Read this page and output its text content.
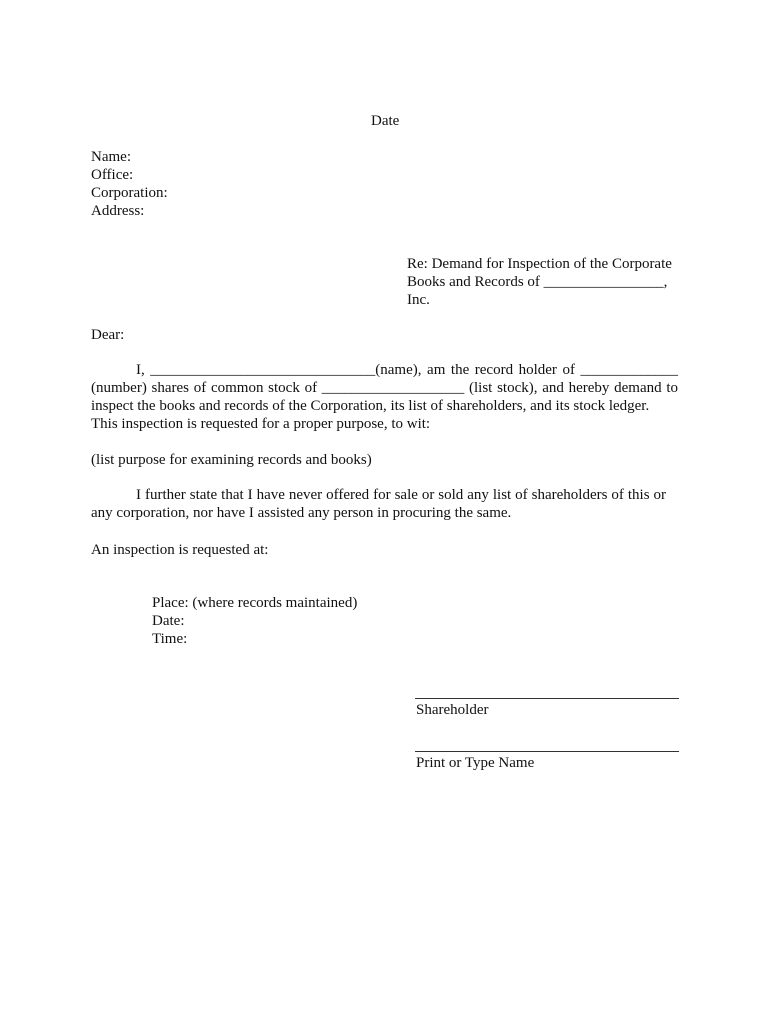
Date
Name:
Office:
Corporation:
Address:
Re: Demand for Inspection of the Corporate
Books and Records of ________________,
Inc.
Dear:
I, ______________________________(name), am the record holder of _____________
(number) shares of common stock of ___________________ (list stock), and hereby demand to
inspect the books and records of the Corporation, its list of shareholders, and its stock ledger.
This inspection is requested for a proper purpose, to wit:
(list purpose for examining records and books)
I further state that I have never offered for sale or sold any list of shareholders of this or
any corporation, nor have I assisted any person in procuring the same.
An inspection is requested at:
Place: (where records maintained)
Date:
Time:
Shareholder
Print or Type Name
